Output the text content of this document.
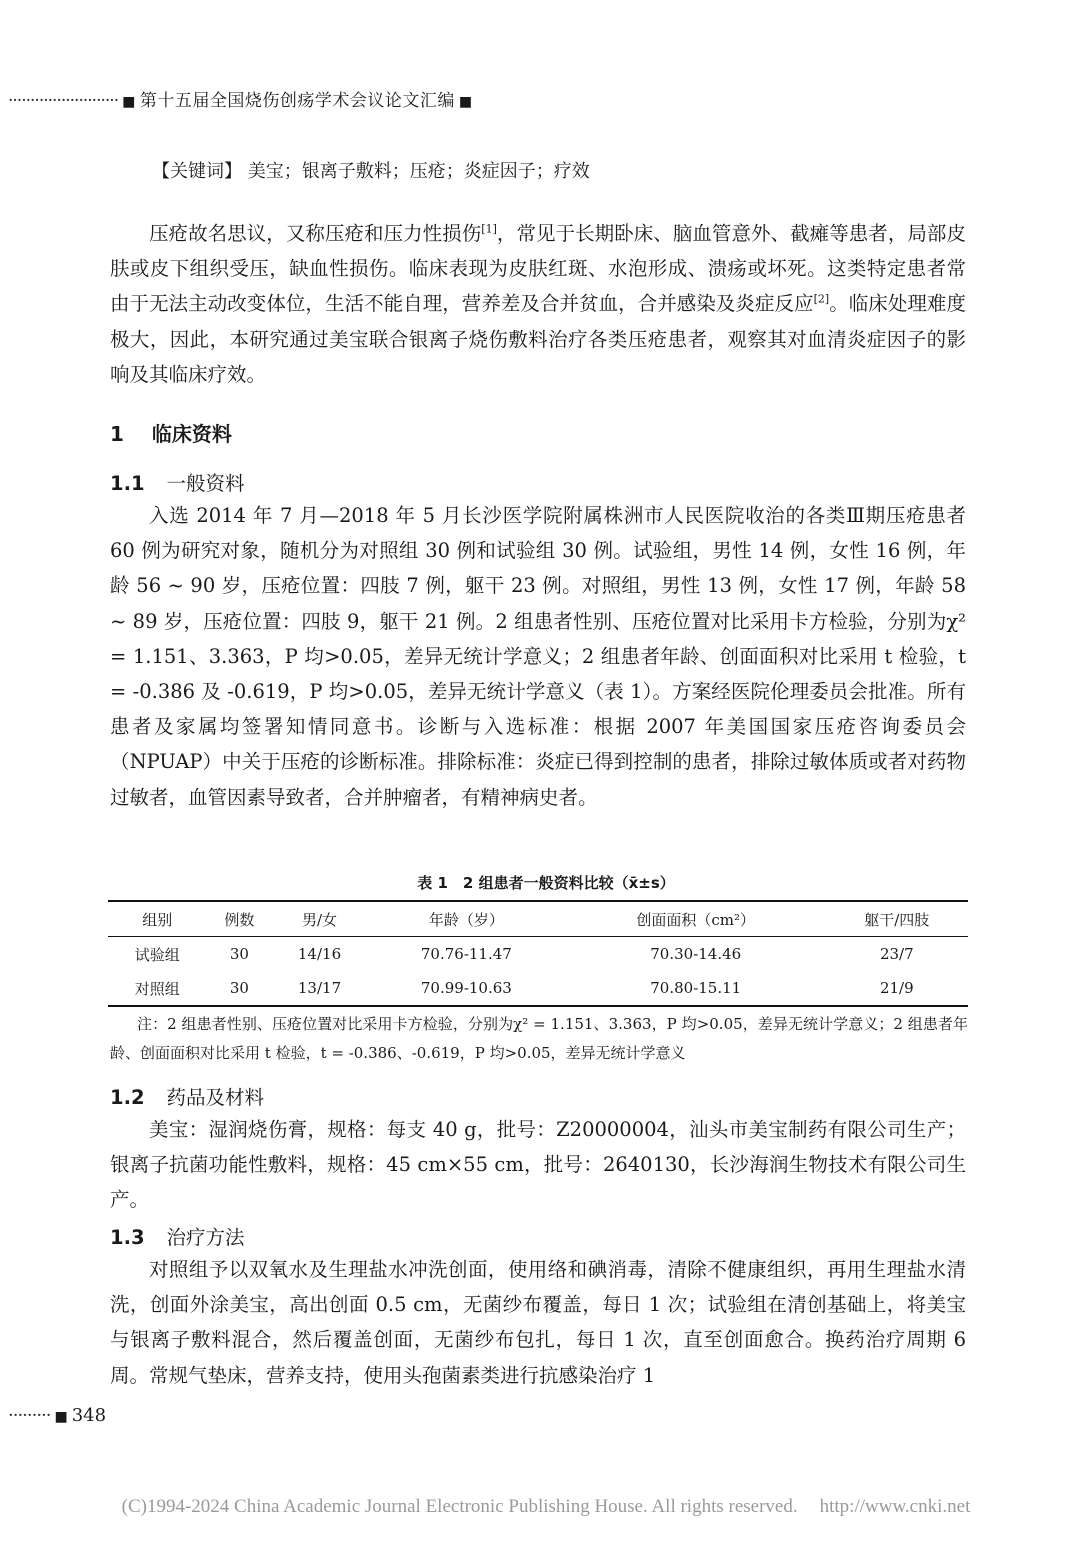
························· ■ 第十五届全国烧伤创疡学术会议论文汇编 ■
【关键词】 美宝；银离子敷料；压疮；炎症因子；疗效

压疮故名思议，又称压疮和压力性损伤[1]，常见于长期卧床、脑血管意外、截瘫等患者，局部皮肤或皮下组织受压，缺血性损伤。临床表现为皮肤红斑、水泡形成、溃疡或坏死。这类特定患者常由于无法主动改变体位，生活不能自理，营养差及合并贫血，合并感染及炎症反应[2]。临床处理难度极大，因此，本研究通过美宝联合银离子烧伤敷料治疗各类压疮患者，观察其对血清炎症因子的影响及其临床疗效。

1 临床资料
1.1 一般资料

入选 2014 年 7 月—2018 年 5 月长沙医学院附属株洲市人民医院收治的各类Ⅲ期压疮患者 60 例为研究对象，随机分为对照组 30 例和试验组 30 例。试验组，男性 14 例，女性 16 例，年龄 56 ~ 90 岁，压疮位置：四肢 7 例，躯干 23 例。对照组，男性 13 例，女性 17 例，年龄 58 ~ 89 岁，压疮位置：四肢 9，躯干 21 例。2 组患者性别、压疮位置对比采用卡方检验，分别为χ² = 1.151、3.363，P 均>0.05，差异无统计学意义；2 组患者年龄、创面面积对比采用 t 检验，t = -0.386 及 -0.619，P 均>0.05，差异无统计学意义（表 1）。方案经医院伦理委员会批准。所有患者及家属均签署知情同意书。诊断与入选标准：根据 2007 年美国国家压疮咨询委员会（NPUAP）中关于压疮的诊断标准。排除标准：炎症已得到控制的患者，排除过敏体质或者对药物过敏者，血管因素导致者，合并肿瘤者，有精神病史者。

表 1　2 组患者一般资料比较（x̄±s）
组别	例数	男/女	年龄（岁）	创面面积（cm²）	躯干/四肢
试验组	30	14/16	70.76-11.47	70.30-14.46	23/7
对照组	30	13/17	70.99-10.63	70.80-15.11	21/9

注：2 组患者性别、压疮位置对比采用卡方检验，分别为χ² = 1.151、3.363，P 均>0.05，差异无统计学意义；2 组患者年龄、创面面积对比采用 t 检验，t = -0.386、-0.619，P 均>0.05，差异无统计学意义

1.2 药品及材料

美宝：湿润烧伤膏，规格：每支 40 g，批号：Z20000004，汕头市美宝制药有限公司生产；银离子抗菌功能性敷料，规格：45 cm×55 cm，批号：2640130，长沙海润生物技术有限公司生产。

1.3 治疗方法

对照组予以双氧水及生理盐水冲洗创面，使用络和碘消毒，清除不健康组织，再用生理盐水清洗，创面外涂美宝，高出创面 0.5 cm，无菌纱布覆盖，每日 1 次；试验组在清创基础上，将美宝与银离子敷料混合，然后覆盖创面，无菌纱布包扎，每日 1 次，直至创面愈合。换药治疗周期 6 周。常规气垫床，营养支持，使用头孢菌素类进行抗感染治疗 1

········· ■ 348
(C)1994-2024 China Academic Journal Electronic Publishing House. All rights reserved. http://www.cnki.net
